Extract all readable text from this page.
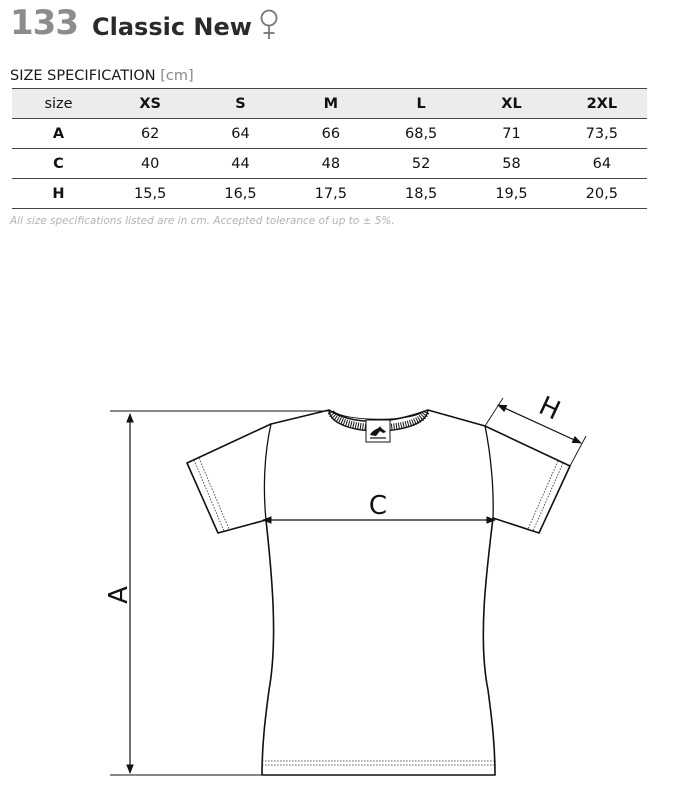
133 Classic New
SIZE SPECIFICATION [cm]
size	XS	S	M	L	XL	2XL
A	62	64	66	68,5	71	73,5
C	40	44	48	52	58	64
H	15,5	16,5	17,5	18,5	19,5	20,5
All size specifications listed are in cm. Accepted tolerance of up to ± 5%.
A
C
H
